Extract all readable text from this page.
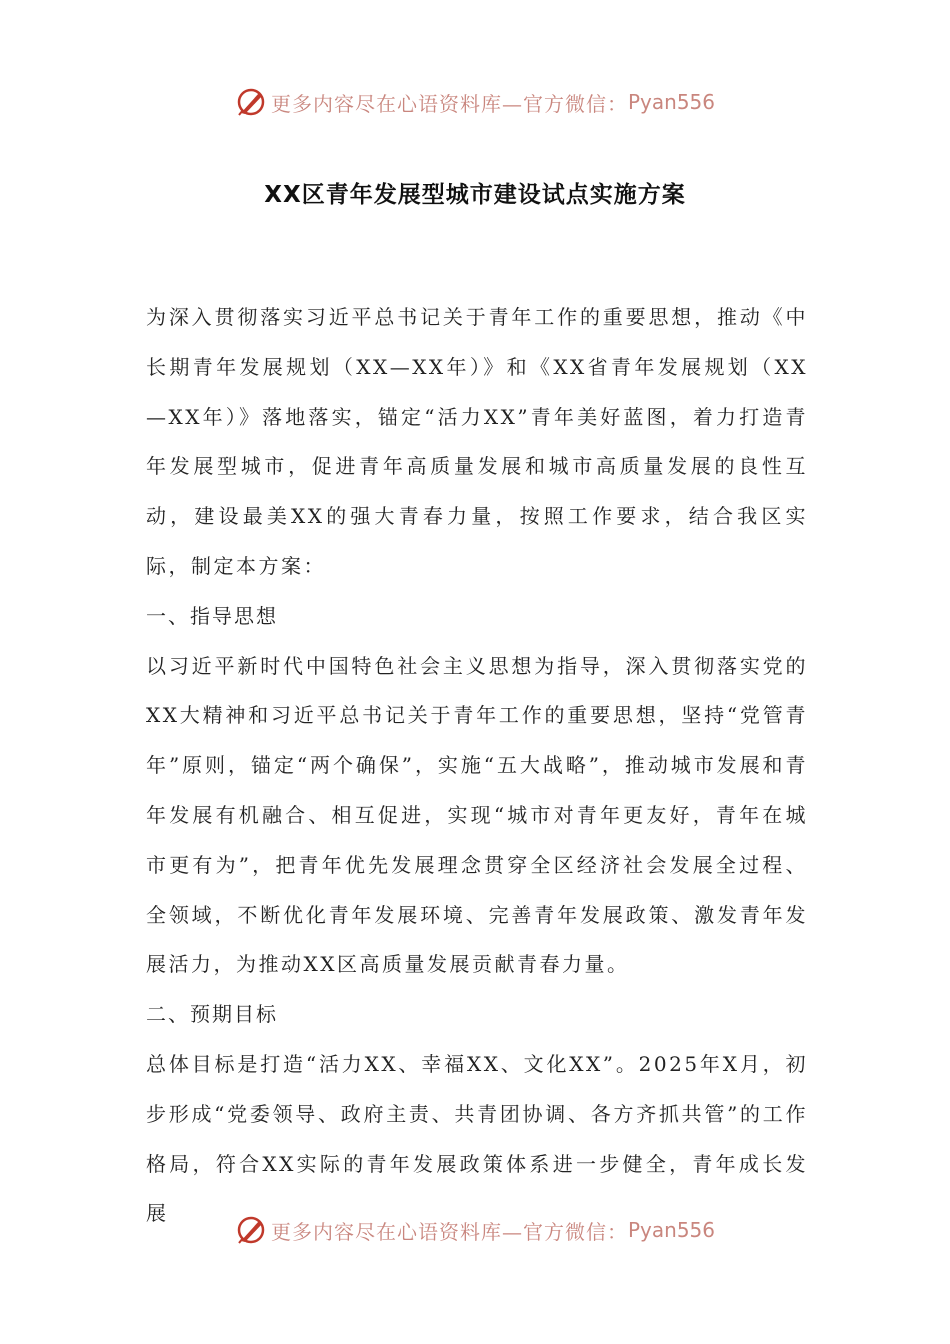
更多内容尽在心语资料库—官方微信： Pyan556
XX区青年发展型城市建设试点实施方案

为深入贯彻落实习近平总书记关于青年工作的重要思想，推动《中长期青年发展规划（XX—XX年）》和《XX省青年发展规划（XX—XX年）》落地落实，锚定“活力XX”青年美好蓝图，着力打造青年发展型城市，促进青年高质量发展和城市高质量发展的良性互动，建设最美XX的强大青春力量，按照工作要求，结合我区实际，制定本方案：

一、指导思想

以习近平新时代中国特色社会主义思想为指导，深入贯彻落实党的XX大精神和习近平总书记关于青年工作的重要思想，坚持“党管青年”原则，锚定“两个确保”，实施“五大战略”，推动城市发展和青年发展有机融合、相互促进，实现“城市对青年更友好，青年在城市更有为”，把青年优先发展理念贯穿全区经济社会发展全过程、全领域，不断优化青年发展环境、完善青年发展政策、激发青年发展活力，为推动XX区高质量发展贡献青春力量。

二、预期目标

总体目标是打造“活力XX、幸福XX、文化XX”。2025年X月，初步形成“党委领导、政府主责、共青团协调、各方齐抓共管”的工作格局，符合XX实际的青年发展政策体系进一步健全，青年成长发展

更多内容尽在心语资料库—官方微信： Pyan556
